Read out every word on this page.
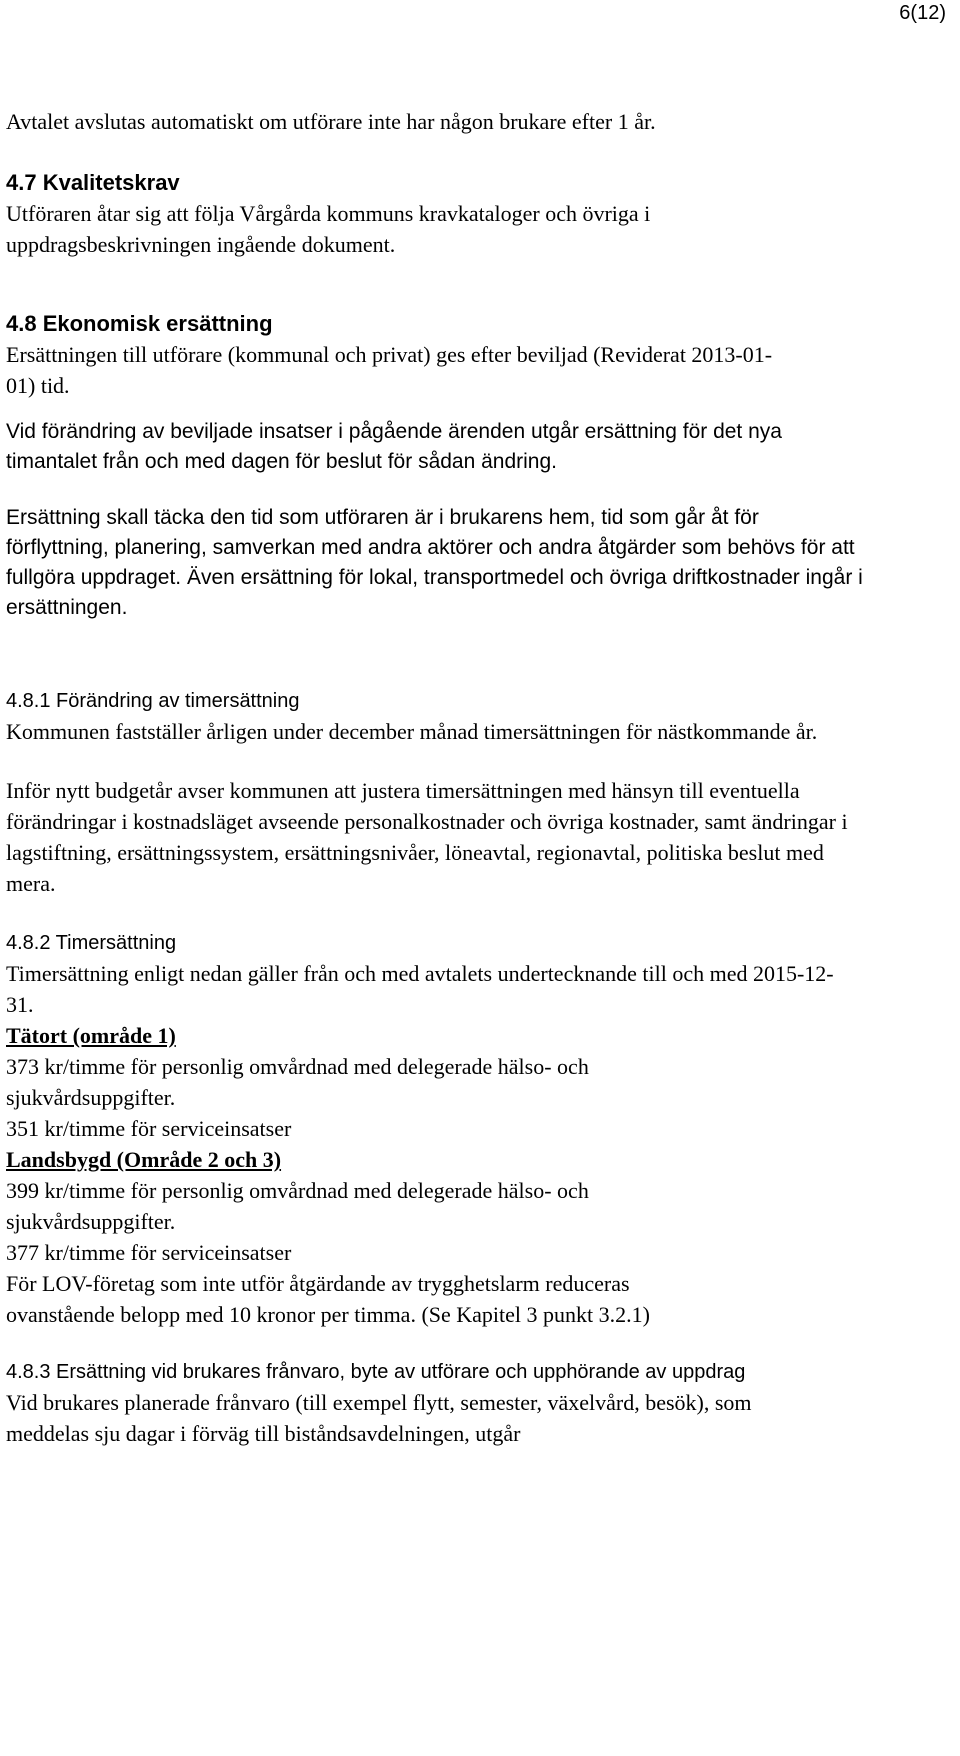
6(12)

Avtalet avslutas automatiskt om utförare inte har någon brukare efter 1 år.

4.7 Kvalitetskrav

Utföraren åtar sig att följa Vårgårda kommuns kravkataloger och övriga i uppdragsbeskrivningen ingående dokument.

4.8 Ekonomisk ersättning

Ersättningen till utförare (kommunal och privat) ges efter beviljad (Reviderat 2013-01-01) tid.

Vid förändring av beviljade insatser i pågående ärenden utgår ersättning för det nya timantalet från och med dagen för beslut för sådan ändring.

Ersättning skall täcka den tid som utföraren är i brukarens hem, tid som går åt för förflyttning, planering, samverkan med andra aktörer och andra åtgärder som behövs för att fullgöra uppdraget. Även ersättning för lokal, transportmedel och övriga driftkostnader ingår i ersättningen.

4.8.1 Förändring av timersättning

Kommunen fastställer årligen under december månad timersättningen för nästkommande år.

Inför nytt budgetår avser kommunen att justera timersättningen med hänsyn till eventuella förändringar i kostnadsläget avseende personalkostnader och övriga kostnader, samt ändringar i lagstiftning, ersättningssystem, ersättningsnivåer, löneavtal, regionavtal, politiska beslut med mera.

4.8.2 Timersättning

Timersättning enligt nedan gäller från och med avtalets undertecknande till och med 2015-12-31.

Tätort (område 1)

373 kr/timme för personlig omvårdnad med delegerade hälso- och sjukvårdsuppgifter.

351 kr/timme för serviceinsatser

Landsbygd (Område 2 och 3)

399 kr/timme för personlig omvårdnad med delegerade hälso- och sjukvårdsuppgifter.

377 kr/timme för serviceinsatser

För LOV-företag som inte utför åtgärdande av trygghetslarm reduceras ovanstående belopp med 10 kronor per timma. (Se Kapitel 3 punkt 3.2.1)

4.8.3 Ersättning vid brukares frånvaro, byte av utförare och upphörande av uppdrag

Vid brukares planerade frånvaro (till exempel flytt, semester, växelvård, besök), som meddelas sju dagar i förväg till biståndsavdelningen, utgår
